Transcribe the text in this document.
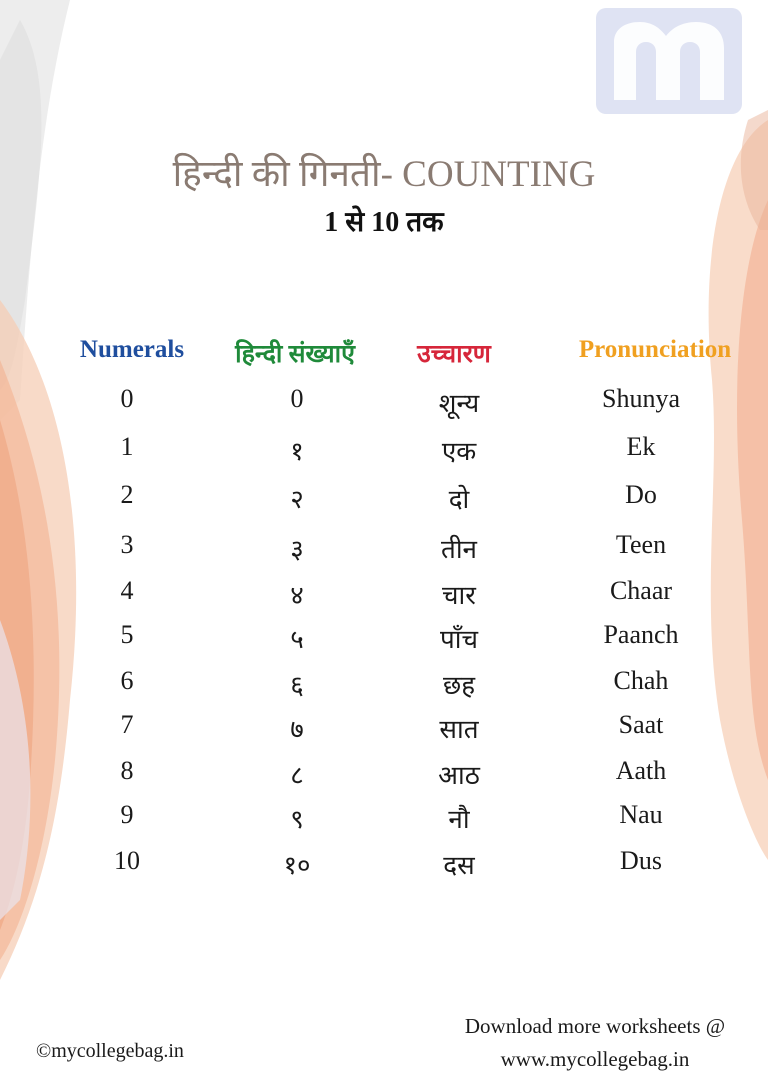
हिन्दी की गिनती- COUNTING
1 से 10 तक
Numerals	हिन्दी संख्याएँ	उच्चारण	Pronunciation
0	0	शून्य	Shunya
1	१	एक	Ek
2	२	दो	Do
3	३	तीन	Teen
4	४	चार	Chaar
5	५	पाँच	Paanch
6	६	छह	Chah
7	७	सात	Saat
8	८	आठ	Aath
9	९	नौ	Nau
10	१०	दस	Dus
©mycollegebag.in
Download more worksheets @
www.mycollegebag.in
